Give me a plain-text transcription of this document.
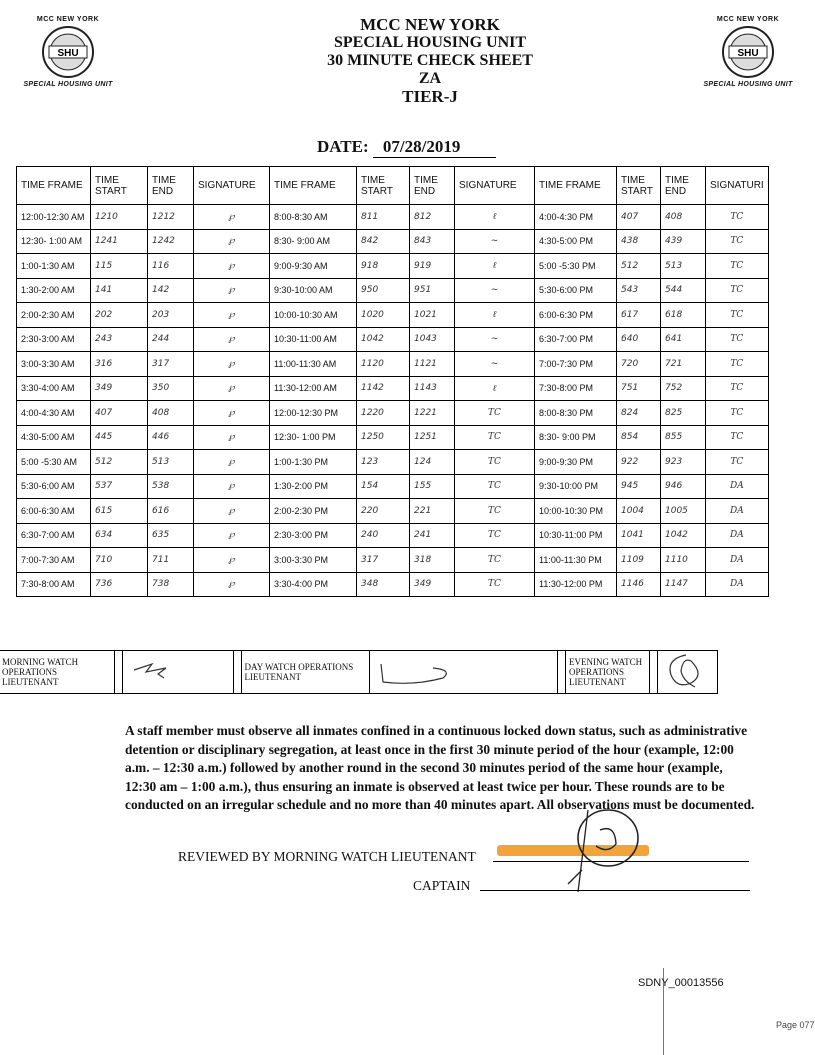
MCC NEW YORK
SHU
SPECIAL HOUSING UNIT
MCC NEW YORK
SHU
SPECIAL HOUSING UNIT
MCC NEW YORK
SPECIAL HOUSING UNIT
30 MINUTE CHECK SHEET
ZA
TIER-J
DATE: 07/28/2019
TIME FRAME	TIME START	TIME END	SIGNATURE	TIME FRAME	TIME START	TIME END	SIGNATURE	TIME FRAME	TIME START	TIME END	SIGNATURI
12:00-12:30 AM	1210	1212	℘	8:00-8:30 AM	811	812	ℓ	4:00-4:30 PM	407	408	TC
12:30- 1:00 AM	1241	1242	℘	8:30- 9:00 AM	842	843	~	4:30-5:00 PM	438	439	TC
1:00-1:30 AM	115	116	℘	9:00-9:30 AM	918	919	ℓ	5:00 -5:30 PM	512	513	TC
1:30-2:00 AM	141	142	℘	9:30-10:00 AM	950	951	~	5:30-6:00 PM	543	544	TC
2:00-2:30 AM	202	203	℘	10:00-10:30 AM	1020	1021	ℓ	6:00-6:30 PM	617	618	TC
2:30-3:00 AM	243	244	℘	10:30-11:00 AM	1042	1043	~	6:30-7:00 PM	640	641	TC
3:00-3:30 AM	316	317	℘	11:00-11:30 AM	1120	1121	~	7:00-7:30 PM	720	721	TC
3:30-4:00 AM	349	350	℘	11:30-12:00 AM	1142	1143	ℓ	7:30-8:00 PM	751	752	TC
4:00-4:30 AM	407	408	℘	12:00-12:30 PM	1220	1221	TC	8:00-8:30 PM	824	825	TC
4:30-5:00 AM	445	446	℘	12:30- 1:00 PM	1250	1251	TC	8:30- 9:00 PM	854	855	TC
5:00 -5:30 AM	512	513	℘	1:00-1:30 PM	123	124	TC	9:00-9:30 PM	922	923	TC
5:30-6:00 AM	537	538	℘	1:30-2:00 PM	154	155	TC	9:30-10:00 PM	945	946	DA
6:00-6:30 AM	615	616	℘	2:00-2:30 PM	220	221	TC	10:00-10:30 PM	1004	1005	DA
6:30-7:00 AM	634	635	℘	2:30-3:00 PM	240	241	TC	10:30-11:00 PM	1041	1042	DA
7:00-7:30 AM	710	711	℘	3:00-3:30 PM	317	318	TC	11:00-11:30 PM	1109	1110	DA
7:30-8:00 AM	736	738	℘	3:30-4:00 PM	348	349	TC	11:30-12:00 PM	1146	1147	DA
MORNING WATCH OPERATIONS LIEUTENANT				DAY WATCH OPERATIONS LIEUTENANT				EVENING WATCH OPERATIONS LIEUTENANT			
A staff member must observe all inmates confined in a continuous locked down status, such as administrative detention or disciplinary segregation, at least once in the first 30 minute period of the hour (example, 12:00 a.m. – 12:30 a.m.) followed by another round in the second 30 minutes period of the same hour (example, 12:30 am – 1:00 a.m.), thus ensuring an inmate is observed at least twice per hour. These rounds are to be conducted on an irregular schedule and no more than 40 minutes apart. All observations must be documented.
REVIEWED BY MORNING WATCH LIEUTENANT
CAPTAIN
SDNY_00013556
Page 077
